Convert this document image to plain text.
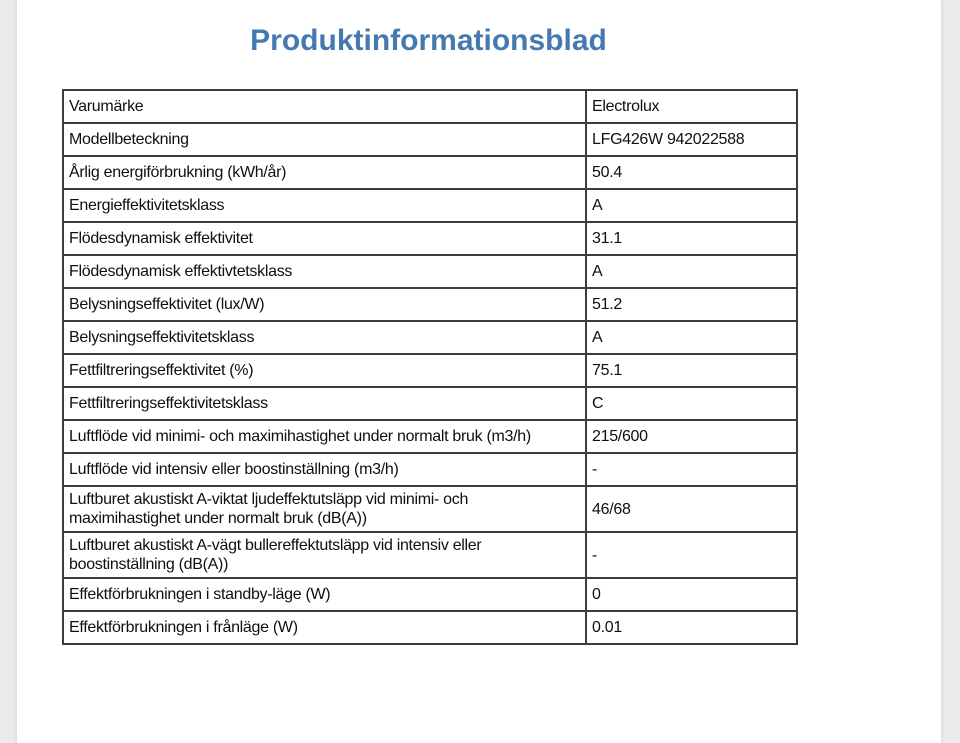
Produktinformationsblad
Varumärke	Electrolux
Modellbeteckning	LFG426W 942022588
Årlig energiförbrukning (kWh/år)	50.4
Energieffektivitetsklass	A
Flödesdynamisk effektivitet	31.1
Flödesdynamisk effektivtetsklass	A
Belysningseffektivitet (lux/W)	51.2
Belysningseffektivitetsklass	A
Fettfiltreringseffektivitet (%)	75.1
Fettfiltreringseffektivitetsklass	C
Luftflöde vid minimi- och maximihastighet under normalt bruk (m3/h)	215/600
Luftflöde vid intensiv eller boostinställning (m3/h)	-
Luftburet akustiskt A-viktat ljudeffektutsläpp vid minimi- och maximihastighet under normalt bruk (dB(A))	46/68
Luftburet akustiskt A-vägt bullereffektutsläpp vid intensiv eller boostinställning (dB(A))	-
Effektförbrukningen i standby-läge (W)	0
Effektförbrukningen i frånläge (W)	0.01
